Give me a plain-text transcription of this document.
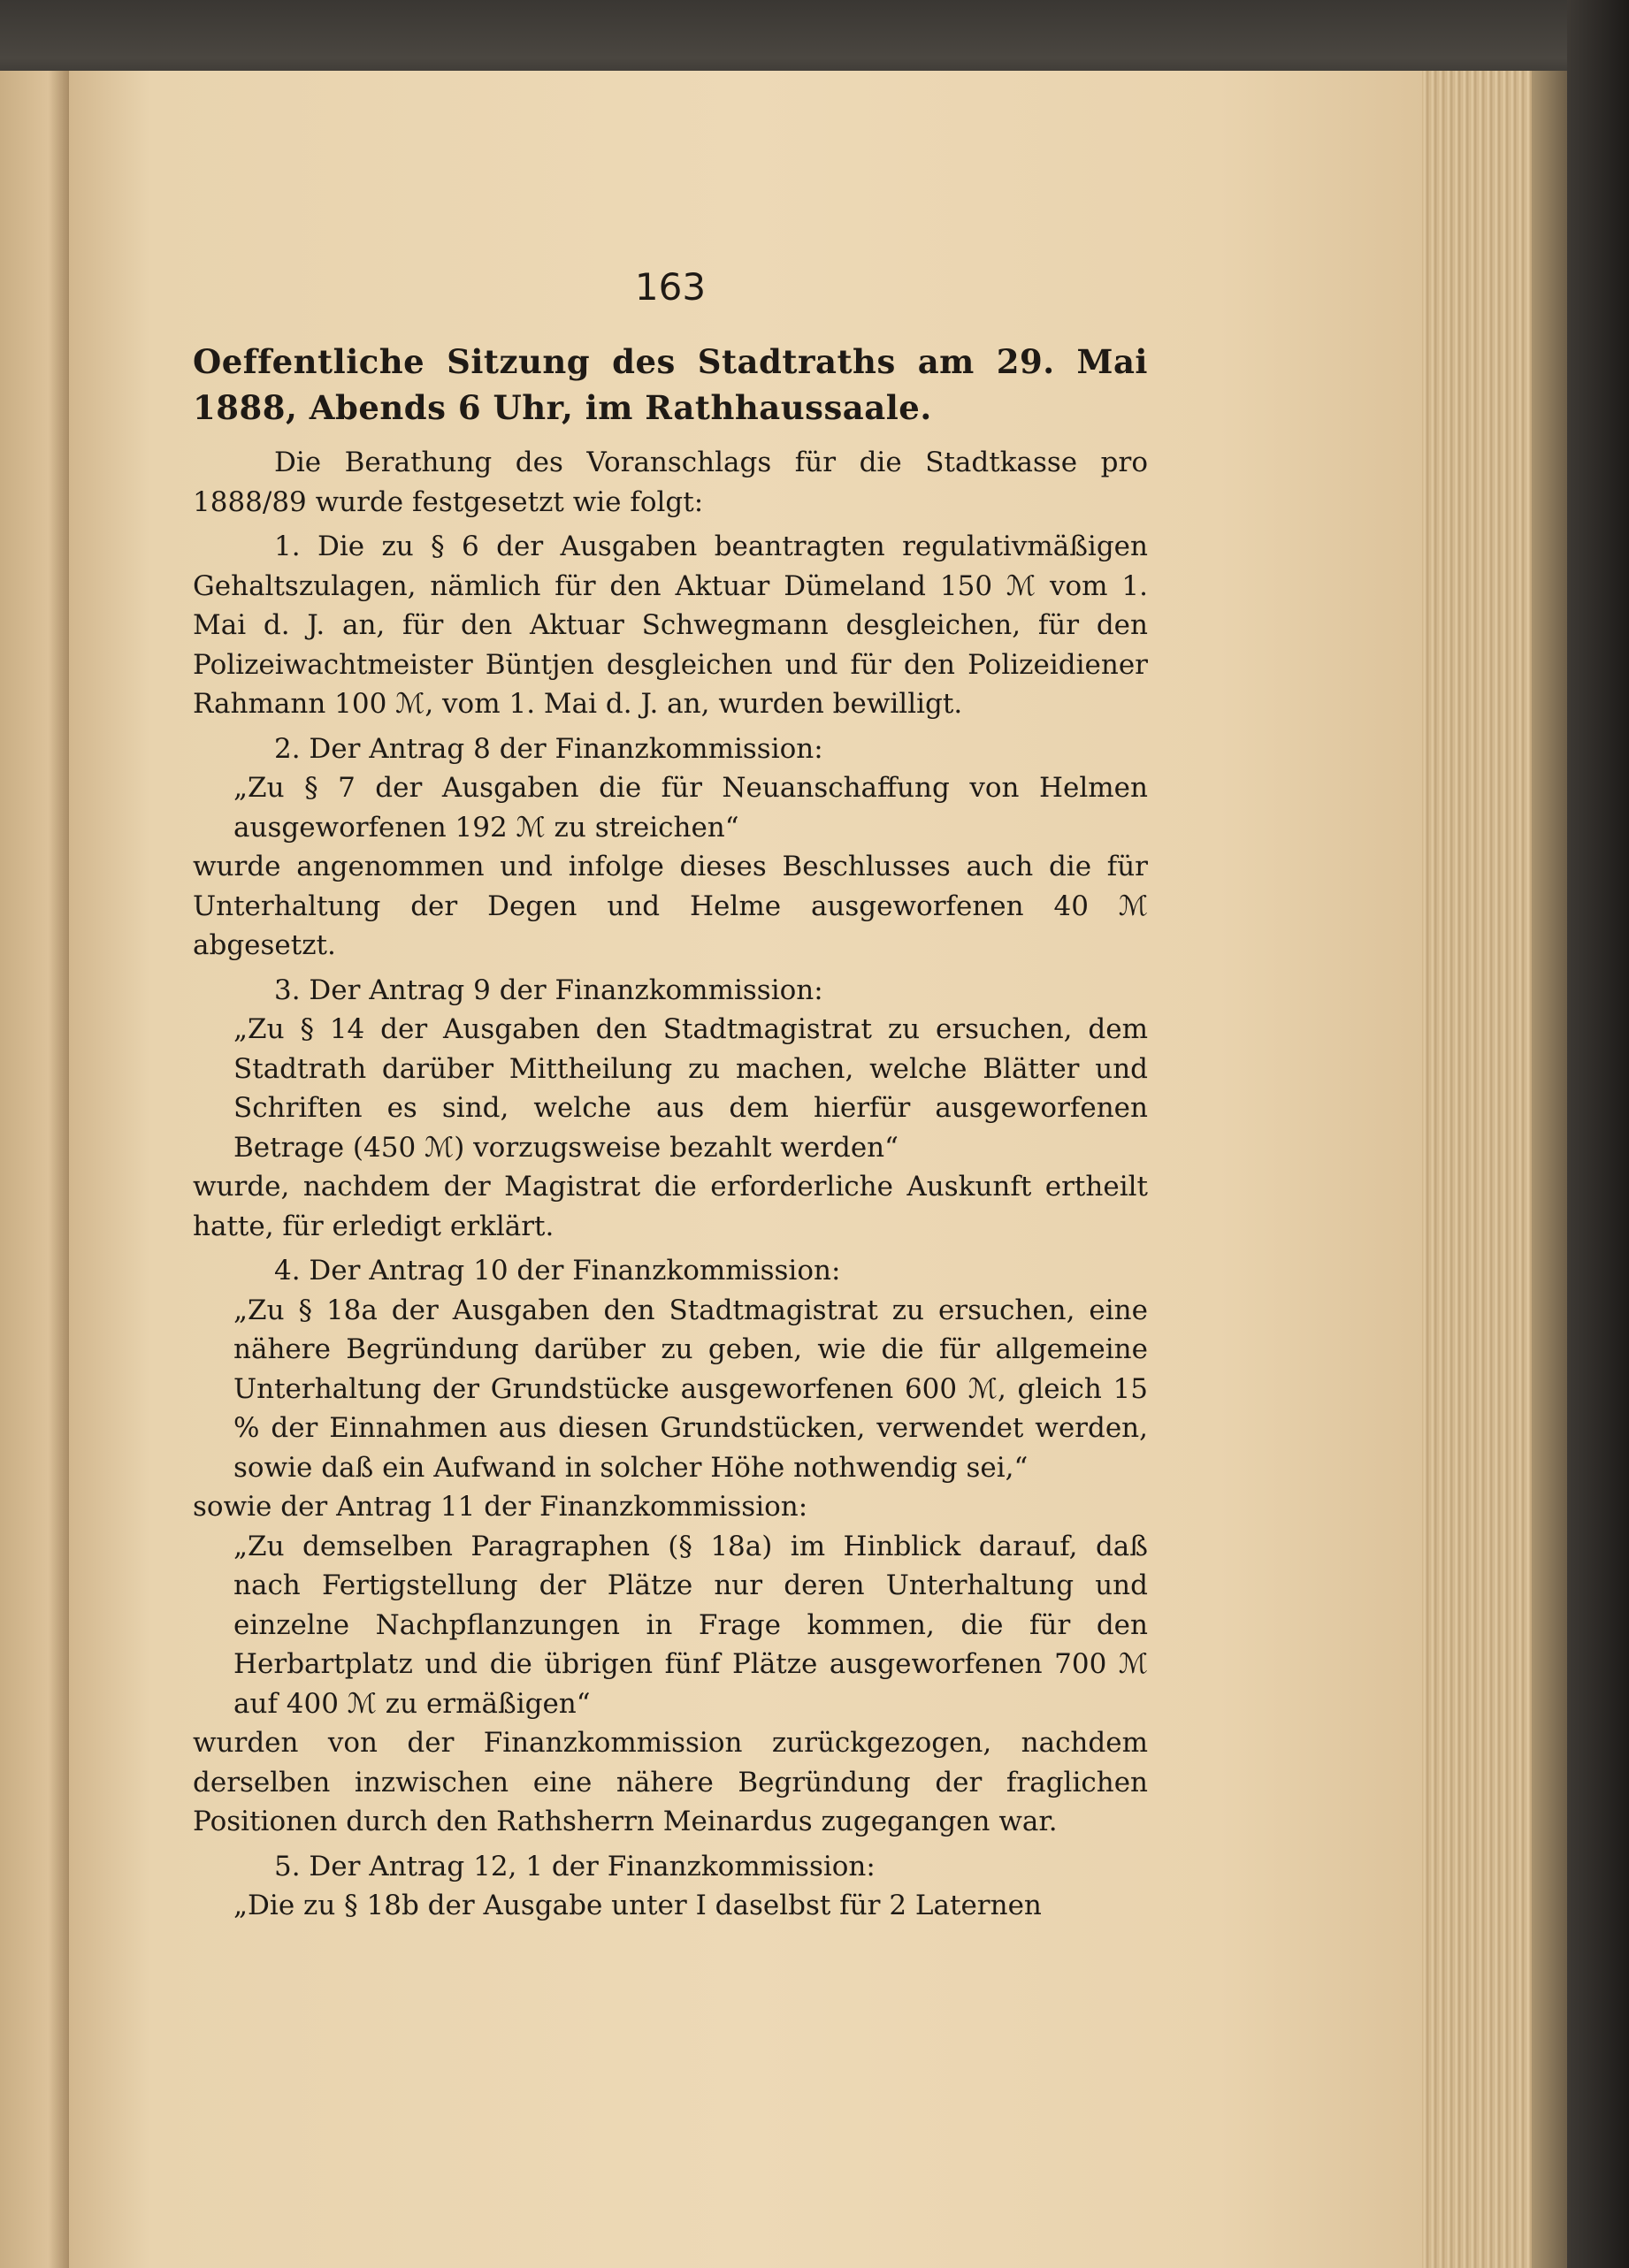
163
Oeffentliche Sitzung des Stadtraths am 29. Mai 1888, Abends 6 Uhr, im Rathhaussaale.

Die Berathung des Voranschlags für die Stadtkasse pro 1888/89 wurde festgesetzt wie folgt:

1. Die zu § 6 der Ausgaben beantragten regulativmäßigen Gehaltszulagen, nämlich für den Aktuar Dümeland 150 ℳ vom 1. Mai d. J. an, für den Aktuar Schwegmann desgleichen, für den Polizeiwachtmeister Büntjen desgleichen und für den Polizeidiener Rahmann 100 ℳ, vom 1. Mai d. J. an, wurden bewilligt.

2. Der Antrag 8 der Finanzkommission:

„Zu § 7 der Ausgaben die für Neuanschaffung von Helmen ausgeworfenen 192 ℳ zu streichen“

wurde angenommen und infolge dieses Beschlusses auch die für Unterhaltung der Degen und Helme ausgeworfenen 40 ℳ abgesetzt.

3. Der Antrag 9 der Finanzkommission:

„Zu § 14 der Ausgaben den Stadtmagistrat zu ersuchen, dem Stadtrath darüber Mittheilung zu machen, welche Blätter und Schriften es sind, welche aus dem hierfür ausgeworfenen Betrage (450 ℳ) vorzugsweise bezahlt werden“

wurde, nachdem der Magistrat die erforderliche Auskunft ertheilt hatte, für erledigt erklärt.

4. Der Antrag 10 der Finanzkommission:

„Zu § 18a der Ausgaben den Stadtmagistrat zu ersuchen, eine nähere Begründung darüber zu geben, wie die für allgemeine Unterhaltung der Grundstücke ausgeworfenen 600 ℳ, gleich 15 % der Einnahmen aus diesen Grundstücken, verwendet werden, sowie daß ein Aufwand in solcher Höhe nothwendig sei,“

sowie der Antrag 11 der Finanzkommission:

„Zu demselben Paragraphen (§ 18a) im Hinblick darauf, daß nach Fertigstellung der Plätze nur deren Unterhaltung und einzelne Nachpflanzungen in Frage kommen, die für den Herbartplatz und die übrigen fünf Plätze ausgeworfenen 700 ℳ auf 400 ℳ zu ermäßigen“

wurden von der Finanzkommission zurückgezogen, nachdem derselben inzwischen eine nähere Begründung der fraglichen Positionen durch den Rathsherrn Meinardus zugegangen war.

5. Der Antrag 12, 1 der Finanzkommission:

„Die zu § 18b der Ausgabe unter I daselbst für 2 Laternen
